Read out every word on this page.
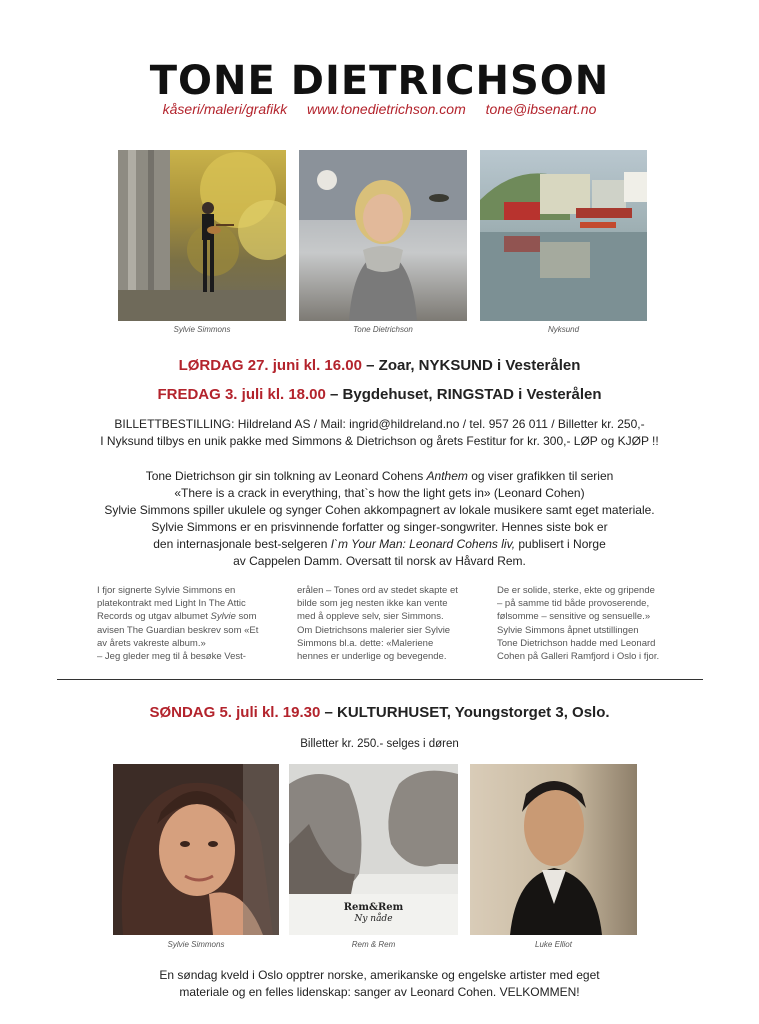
TONE DIETRICHSON
kåseri/maleri/grafikk www.tonedietrichson.com tone@ibsenart.no
Sylvie Simmons	Tone Dietrichson	Nyksund
LØRDAG 27. juni kl. 16.00 – Zoar, NYKSUND i Vesterålen
FREDAG 3. juli kl. 18.00 – Bygdehuset, RINGSTAD i Vesterålen
BILLETTBESTILLING: Hildreland AS / Mail: ingrid@hildreland.no / tel. 957 26 011 / Billetter kr. 250,-
I Nyksund tilbys en unik pakke med Simmons & Dietrichson og årets Festitur for kr. 300,- LØP og KJØP !!
Tone Dietrichson gir sin tolkning av Leonard Cohens Anthem og viser grafikken til serien
«There is a crack in everything, that`s how the light gets in» (Leonard Cohen)
Sylvie Simmons spiller ukulele og synger Cohen akkompagnert av lokale musikere samt eget materiale.
Sylvie Simmons er en prisvinnende forfatter og singer-songwriter. Hennes siste bok er
den internasjonale best-selgeren I`m Your Man: Leonard Cohens liv, publisert i Norge
av Cappelen Damm. Oversatt til norsk av Håvard Rem.
I fjor signerte Sylvie Simmons en
platekontrakt med Light In The Attic
Records og utgav albumet Sylvie som
avisen The Guardian beskrev som «Et
av årets vakreste album.»
– Jeg gleder meg til å besøke Vest-
erålen – Tones ord av stedet skapte et
bilde som jeg nesten ikke kan vente
med å oppleve selv, sier Simmons.
Om Dietrichsons malerier sier Sylvie
Simmons bl.a. dette: «Maleriene
hennes er underlige og bevegende.
De er solide, sterke, ekte og gripende
– på samme tid både provoserende,
følsomme – sensitive og sensuelle.»
Sylvie Simmons åpnet utstillingen
Tone Dietrichson hadde med Leonard
Cohen på Galleri Ramfjord i Oslo i fjor.
SØNDAG 5. juli kl. 19.30 – KULTURHUSET, Youngstorget 3, Oslo.
Billetter kr. 250.- selges i døren
Rem&Rem
Ny nåde
Sylvie Simmons	Rem & Rem	Luke Elliot
En søndag kveld i Oslo opptrer norske, amerikanske og engelske artister med eget
materiale og en felles lidenskap: sanger av Leonard Cohen. VELKOMMEN!
